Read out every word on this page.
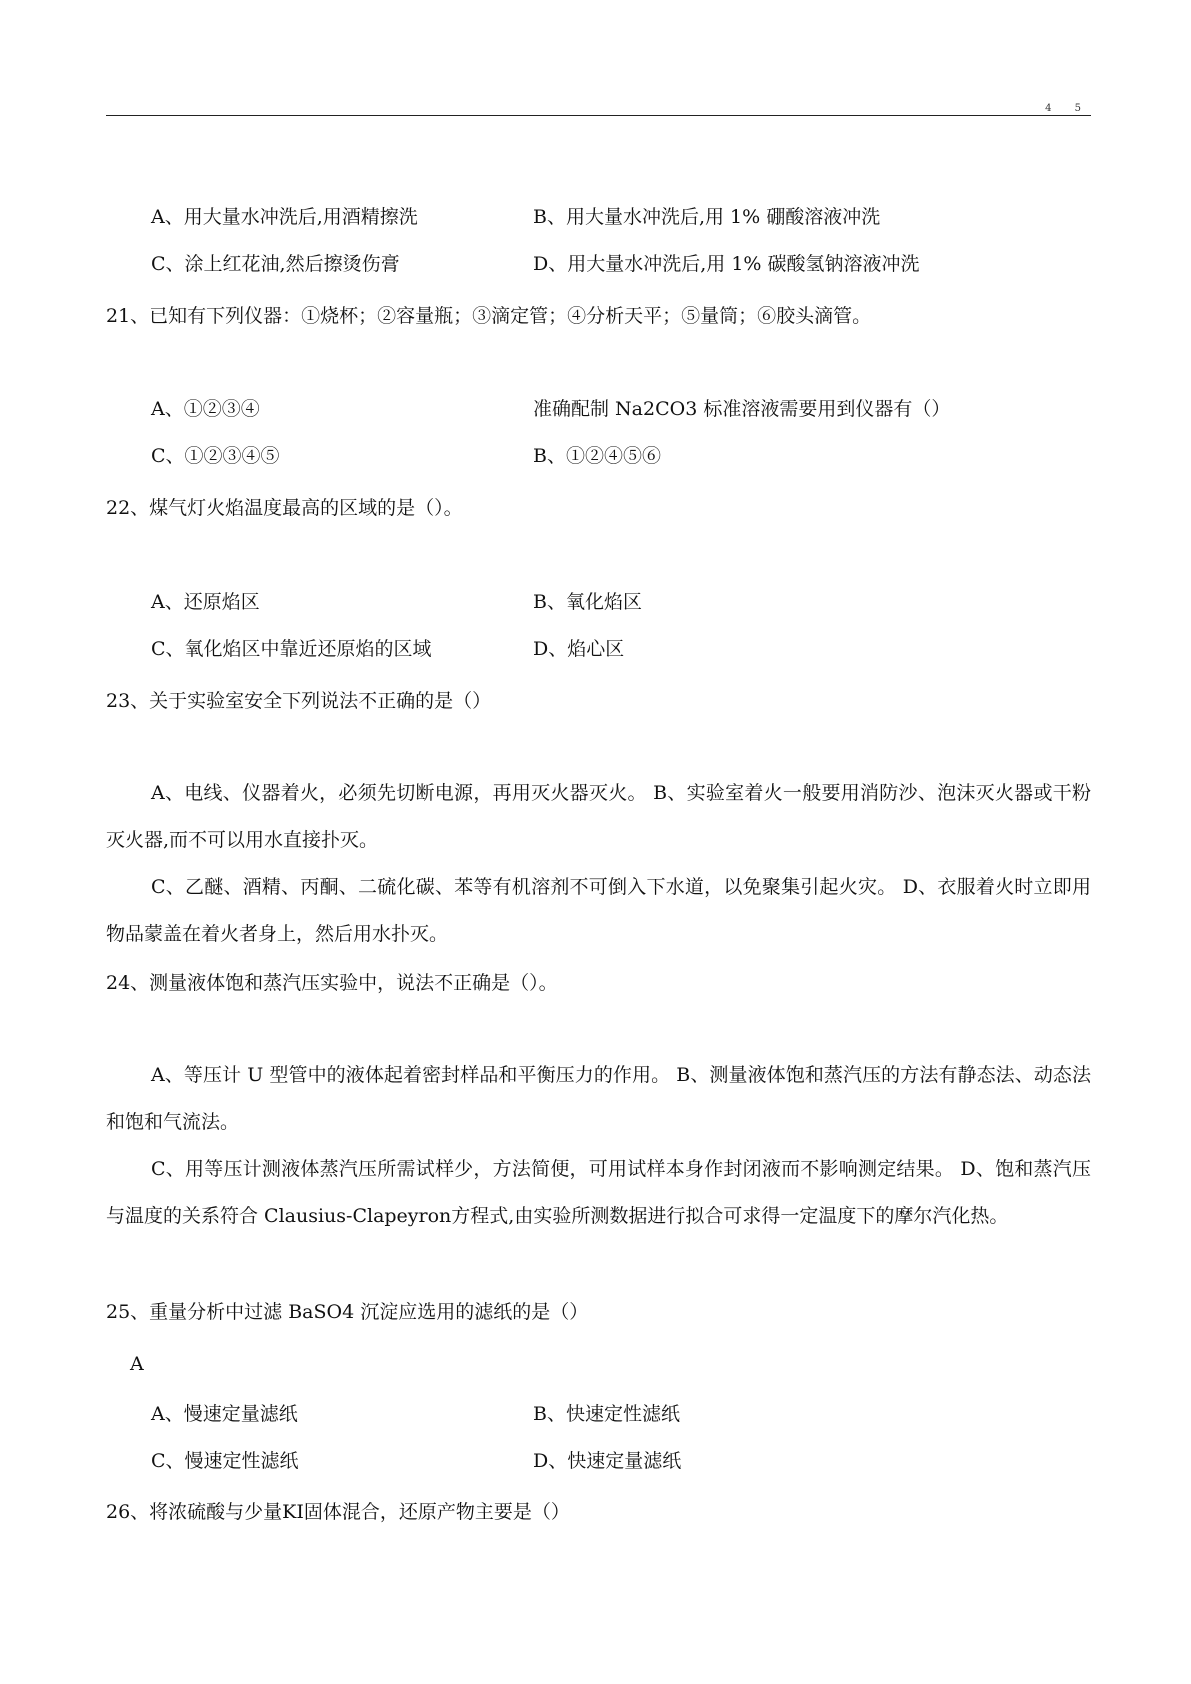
4 5
A、用大量水冲洗后,用酒精擦洗	B、用大量水冲洗后,用 1% 硼酸溶液冲洗
C、涂上红花油,然后擦烫伤膏	D、用大量水冲洗后,用 1% 碳酸氢钠溶液冲洗
21、已知有下列仪器：①烧杯；②容量瓶；③滴定管；④分析天平；⑤量筒；⑥胶头滴管。
A、①②③④	准确配制 Na2CO3 标准溶液需要用到仪器有（）
C、①②③④⑤	B、①②④⑤⑥
22、煤气灯火焰温度最高的区域的是（）。
A、还原焰区	B、氧化焰区
C、氧化焰区中靠近还原焰的区域	D、焰心区
23、关于实验室安全下列说法不正确的是（）
A、电线、仪器着火，必须先切断电源，再用灭火器灭火。 B、实验室着火一般要用消防沙、泡沫灭火器或干粉灭火器,而不可以用水直接扑灭。
C、乙醚、酒精、丙酮、二硫化碳、苯等有机溶剂不可倒入下水道，以免聚集引起火灾。 D、衣服着火时立即用物品蒙盖在着火者身上，然后用水扑灭。
24、测量液体饱和蒸汽压实验中，说法不正确是（）。
A、等压计 U 型管中的液体起着密封样品和平衡压力的作用。 B、测量液体饱和蒸汽压的方法有静态法、动态法和饱和气流法。
C、用等压计测液体蒸汽压所需试样少，方法简便，可用试样本身作封闭液而不影响测定结果。 D、饱和蒸汽压与温度的关系符合 Clausius-Clapeyron方程式,由实验所测数据进行拟合可求得一定温度下的摩尔汽化热。
25、重量分析中过滤 BaSO4 沉淀应选用的滤纸的是（）
A
A、慢速定量滤纸	B、快速定性滤纸
C、慢速定性滤纸	D、快速定量滤纸
26、将浓硫酸与少量KI固体混合，还原产物主要是（）
